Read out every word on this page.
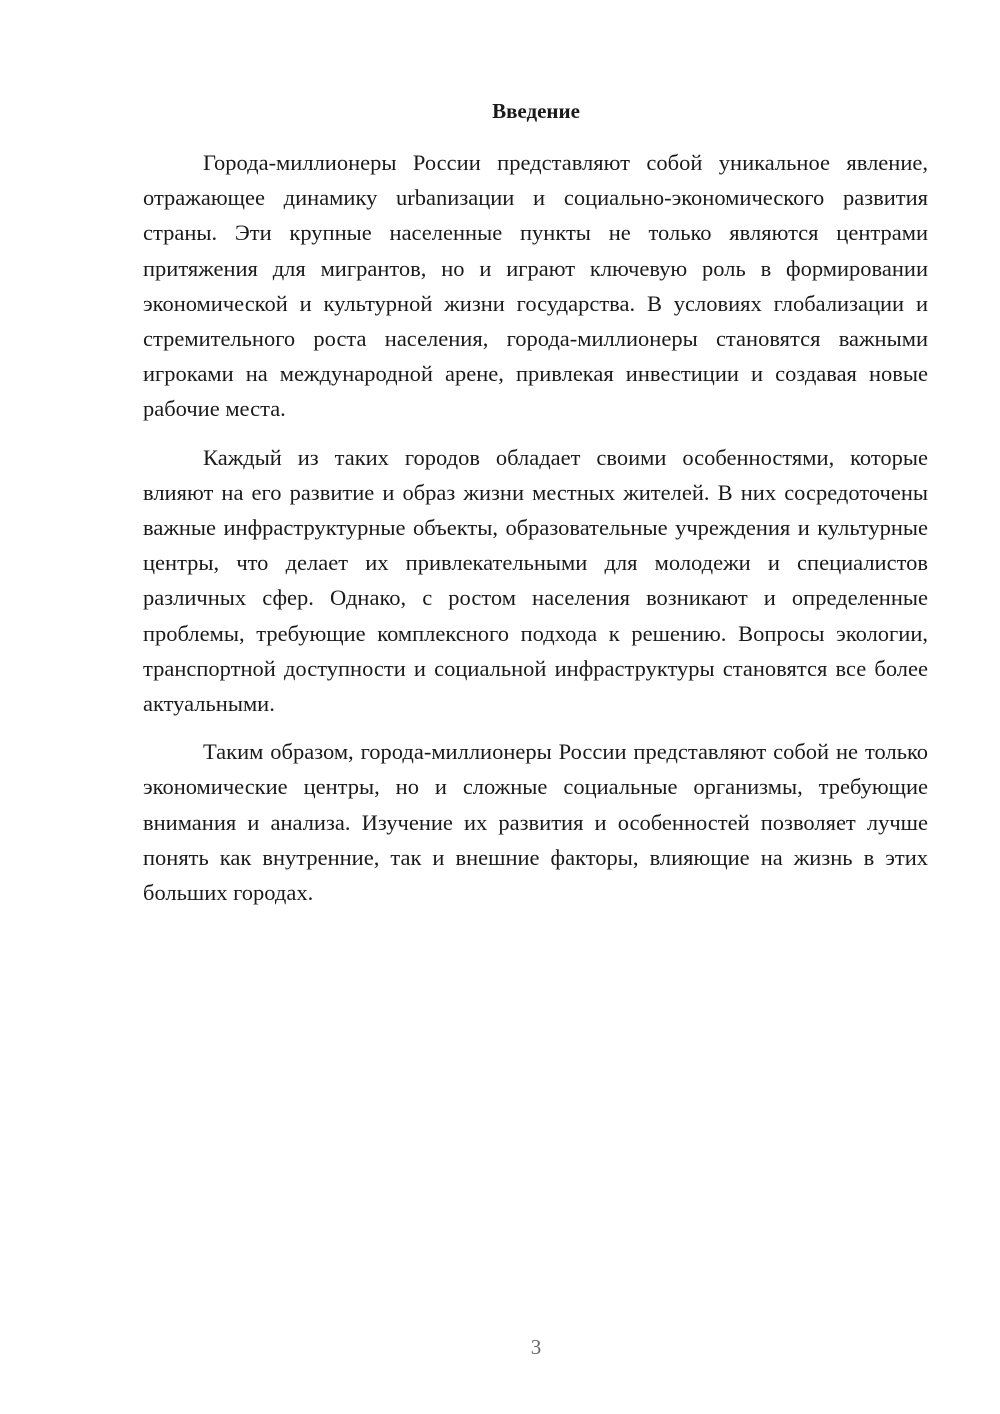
Введение

Города-миллионеры России представляют собой уникальное явление, отражающее динамику urbanизации и социально-экономического развития страны. Эти крупные населенные пункты не только являются центрами притяжения для мигрантов, но и играют ключевую роль в формировании экономической и культурной жизни государства. В условиях глобализации и стремительного роста населения, города-миллионеры становятся важными игроками на международной арене, привлекая инвестиции и создавая новые рабочие места.

Каждый из таких городов обладает своими особенностями, которые влияют на его развитие и образ жизни местных жителей. В них сосредоточены важные инфраструктурные объекты, образовательные учреждения и культурные центры, что делает их привлекательными для молодежи и специалистов различных сфер. Однако, с ростом населения возникают и определенные проблемы, требующие комплексного подхода к решению. Вопросы экологии, транспортной доступности и социальной инфраструктуры становятся все более актуальными.

Таким образом, города-миллионеры России представляют собой не только экономические центры, но и сложные социальные организмы, требующие внимания и анализа. Изучение их развития и особенностей позволяет лучше понять как внутренние, так и внешние факторы, влияющие на жизнь в этих больших городах.

3
